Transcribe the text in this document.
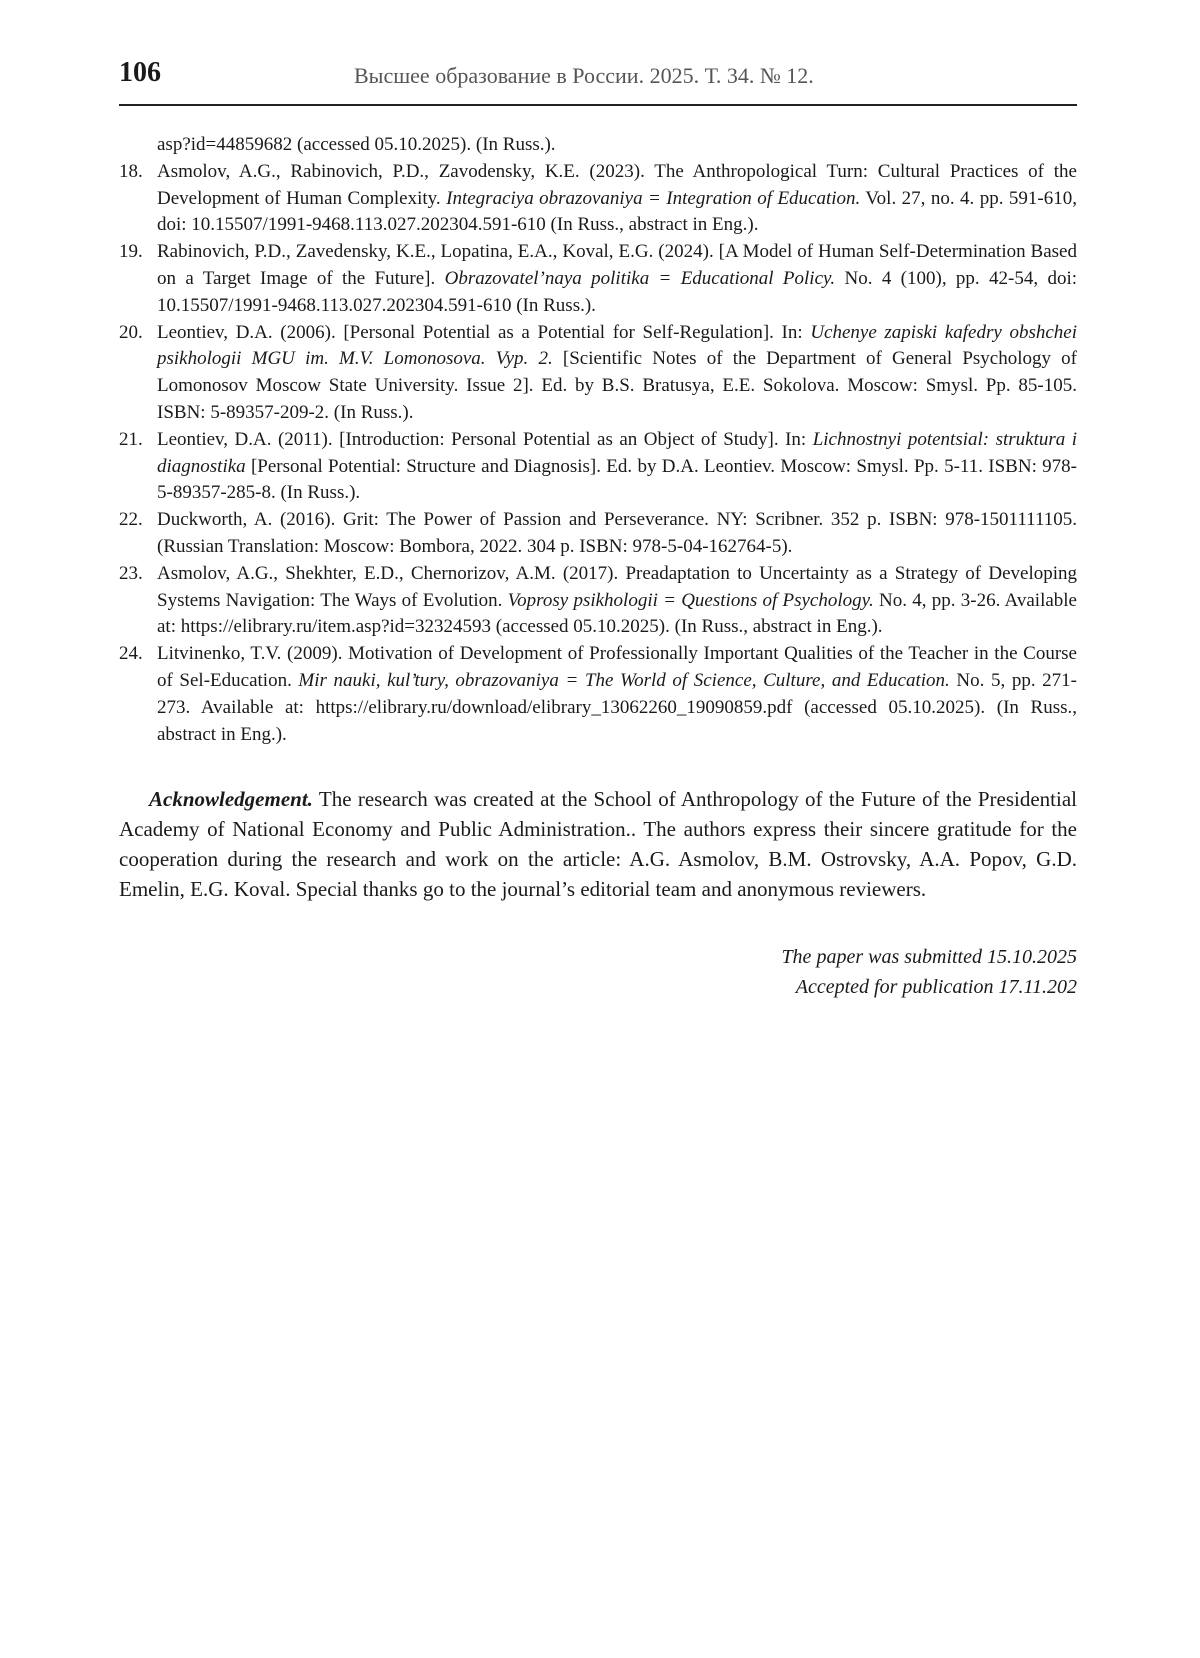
106	Высшее образование в России. 2025. Т. 34. № 12.
asp?id=44859682 (accessed 05.10.2025). (In Russ.).
18. Asmolov, A.G., Rabinovich, P.D., Zavodensky, K.E. (2023). The Anthropological Turn: Cultural Practices of the Development of Human Complexity. Integraciya obrazovaniya = Integration of Education. Vol. 27, no. 4. pp. 591-610, doi: 10.15507/1991-9468.113.027.202304.591-610 (In Russ., abstract in Eng.).
19. Rabinovich, P.D., Zavedensky, K.E., Lopatina, E.A., Koval, E.G. (2024). [A Model of Human Self-Determination Based on a Target Image of the Future]. Obrazovatel’naya politika = Educational Policy. No. 4 (100), pp. 42-54, doi: 10.15507/1991-9468.113.027.202304.591-610 (In Russ.).
20. Leontiev, D.A. (2006). [Personal Potential as a Potential for Self-Regulation]. In: Uchenye zapiski kafedry obshchei psikhologii MGU im. M.V. Lomonosova. Vyp. 2. [Scientific Notes of the Department of General Psychology of Lomonosov Moscow State University. Issue 2]. Ed. by B.S. Bratusya, E.E. Sokolova. Moscow: Smysl. Pp. 85-105. ISBN: 5-89357-209-2. (In Russ.).
21. Leontiev, D.A. (2011). [Introduction: Personal Potential as an Object of Study]. In: Lichnostnyi potentsial: struktura i diagnostika [Personal Potential: Structure and Diagnosis]. Ed. by D.A. Leontiev. Moscow: Smysl. Pp. 5-11. ISBN: 978-5-89357-285-8. (In Russ.).
22. Duckworth, A. (2016). Grit: The Power of Passion and Perseverance. NY: Scribner. 352 p. ISBN: 978-1501111105. (Russian Translation: Moscow: Bombora, 2022. 304 p. ISBN: 978-5-04-162764-5).
23. Asmolov, A.G., Shekhter, E.D., Chernorizov, A.M. (2017). Preadaptation to Uncertainty as a Strategy of Developing Systems Navigation: The Ways of Evolution. Voprosy psikhologii = Questions of Psychology. No. 4, pp. 3-26. Available at: https://elibrary.ru/item.asp?id=32324593 (accessed 05.10.2025). (In Russ., abstract in Eng.).
24. Litvinenko, T.V. (2009). Motivation of Development of Professionally Important Qualities of the Teacher in the Course of Sel-Education. Mir nauki, kul’tury, obrazovaniya = The World of Science, Culture, and Education. No. 5, pp. 271-273. Available at: https://elibrary.ru/download/elibrary_13062260_19090859.pdf (accessed 05.10.2025). (In Russ., abstract in Eng.).

Acknowledgement. The research was created at the School of Anthropology of the Future of the Presidential Academy of National Economy and Public Administration.. The authors express their sincere gratitude for the cooperation during the research and work on the article: A.G. Asmolov, B.M. Ostrovsky, A.A. Popov, G.D. Emelin, E.G. Koval. Special thanks go to the journal’s editorial team and anonymous reviewers.

The paper was submitted 15.10.2025
Accepted for publication 17.11.202
